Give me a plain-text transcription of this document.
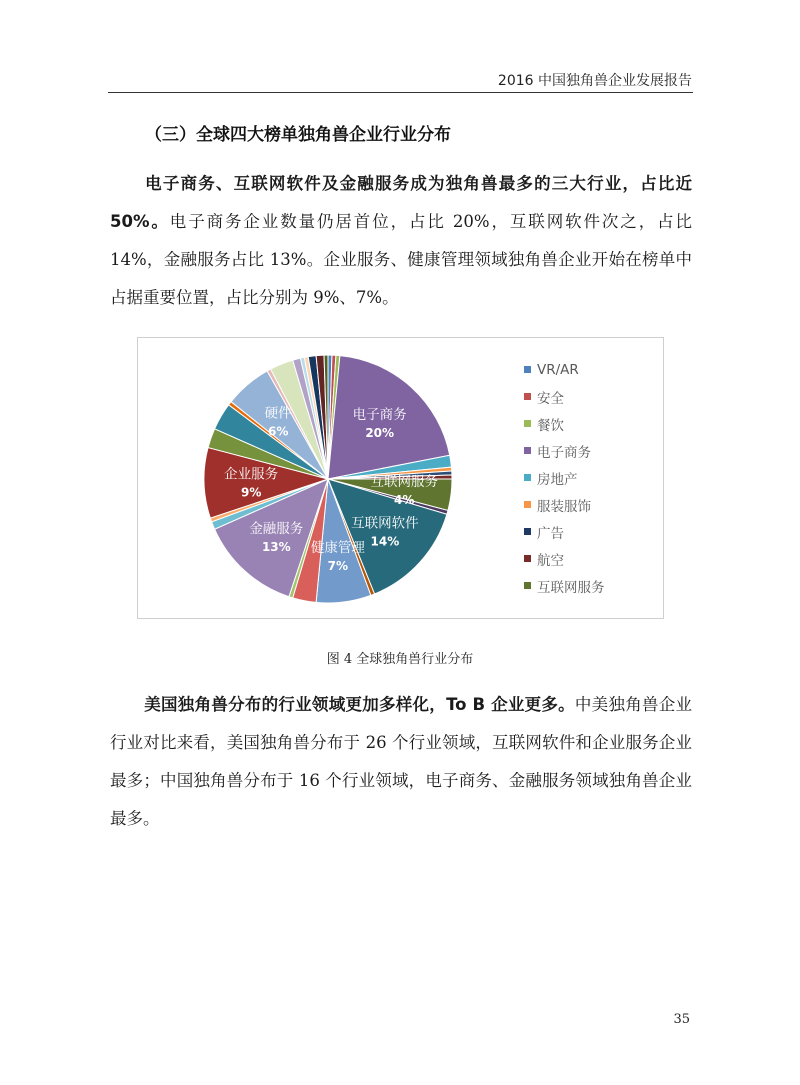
2016 中国独角兽企业发展报告
（三）全球四大榜单独角兽企业行业分布
电子商务、互联网软件及金融服务成为独角兽最多的三大行业，占比近 50%。电子商务企业数量仍居首位，占比 20%，互联网软件次之，占比 14%，金融服务占比 13%。企业服务、健康管理领域独角兽企业开始在榜单中占据重要位置，占比分别为 9%、7%。
电子商务
20%
互联网服务
4%
互联网软件
14%
健康管理
7%
金融服务
13%
企业服务
9%
硬件
6%
VR/AR
安全
餐饮
电子商务
房地产
服装服饰
广告
航空
互联网服务
图 4 全球独角兽行业分布
美国独角兽分布的行业领域更加多样化，To B 企业更多。中美独角兽企业行业对比来看，美国独角兽分布于 26 个行业领域，互联网软件和企业服务企业最多；中国独角兽分布于 16 个行业领域，电子商务、金融服务领域独角兽企业最多。
35
